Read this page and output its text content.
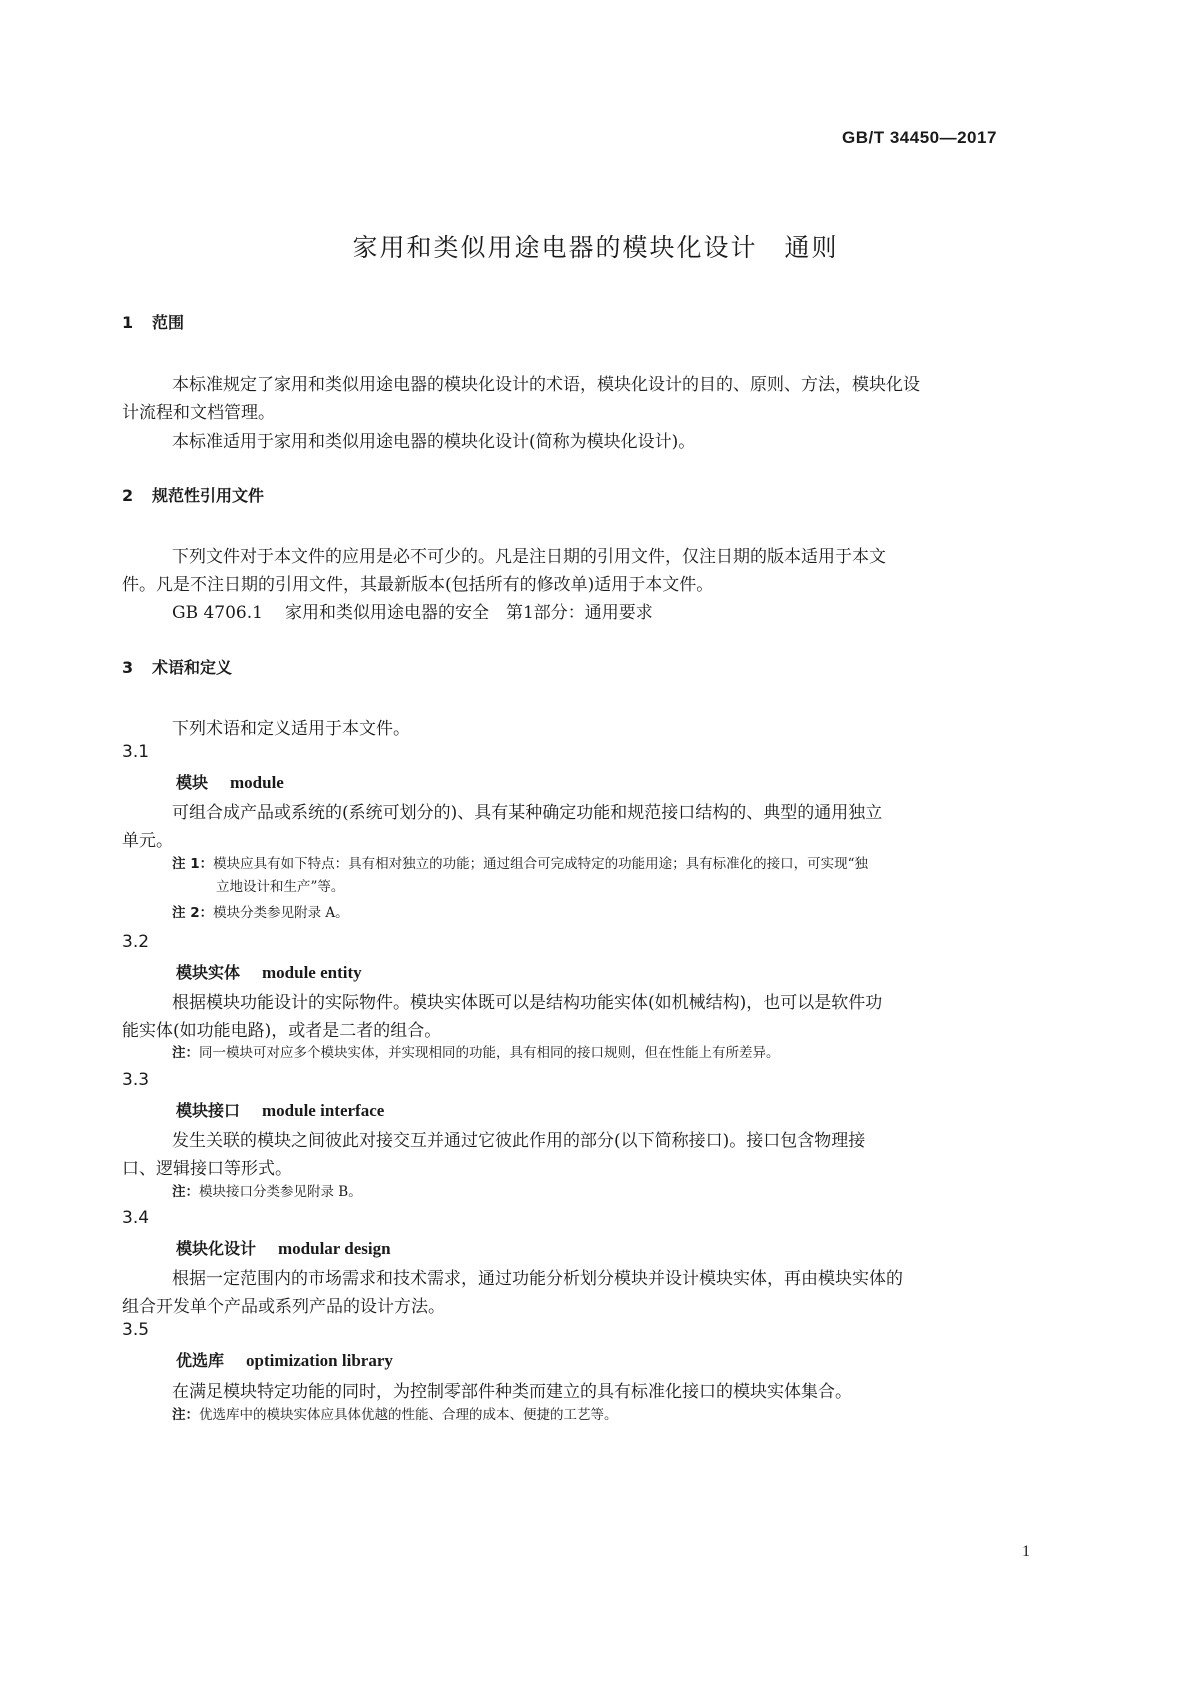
GB/T 34450—2017
家用和类似用途电器的模块化设计　通则
1 范围
本标准规定了家用和类似用途电器的模块化设计的术语，模块化设计的目的、原则、方法，模块化设
计流程和文档管理。
本标准适用于家用和类似用途电器的模块化设计(简称为模块化设计)。
2 规范性引用文件
下列文件对于本文件的应用是必不可少的。凡是注日期的引用文件，仅注日期的版本适用于本文
件。凡是不注日期的引用文件，其最新版本(包括所有的修改单)适用于本文件。
GB 4706.1 家用和类似用途电器的安全　第1部分：通用要求
3 术语和定义
下列术语和定义适用于本文件。
3.1
模块 module
可组合成产品或系统的(系统可划分的)、具有某种确定功能和规范接口结构的、典型的通用独立
单元。
注 1：模块应具有如下特点：具有相对独立的功能；通过组合可完成特定的功能用途；具有标准化的接口，可实现“独
立地设计和生产”等。
注 2：模块分类参见附录 A。
3.2
模块实体 module entity
根据模块功能设计的实际物件。模块实体既可以是结构功能实体(如机械结构)，也可以是软件功
能实体(如功能电路)，或者是二者的组合。
注：同一模块可对应多个模块实体，并实现相同的功能，具有相同的接口规则，但在性能上有所差异。
3.3
模块接口 module interface
发生关联的模块之间彼此对接交互并通过它彼此作用的部分(以下简称接口)。接口包含物理接
口、逻辑接口等形式。
注：模块接口分类参见附录 B。
3.4
模块化设计 modular design
根据一定范围内的市场需求和技术需求，通过功能分析划分模块并设计模块实体，再由模块实体的
组合开发单个产品或系列产品的设计方法。
3.5
优选库 optimization library
在满足模块特定功能的同时，为控制零部件种类而建立的具有标准化接口的模块实体集合。
注：优选库中的模块实体应具体优越的性能、合理的成本、便捷的工艺等。
1
